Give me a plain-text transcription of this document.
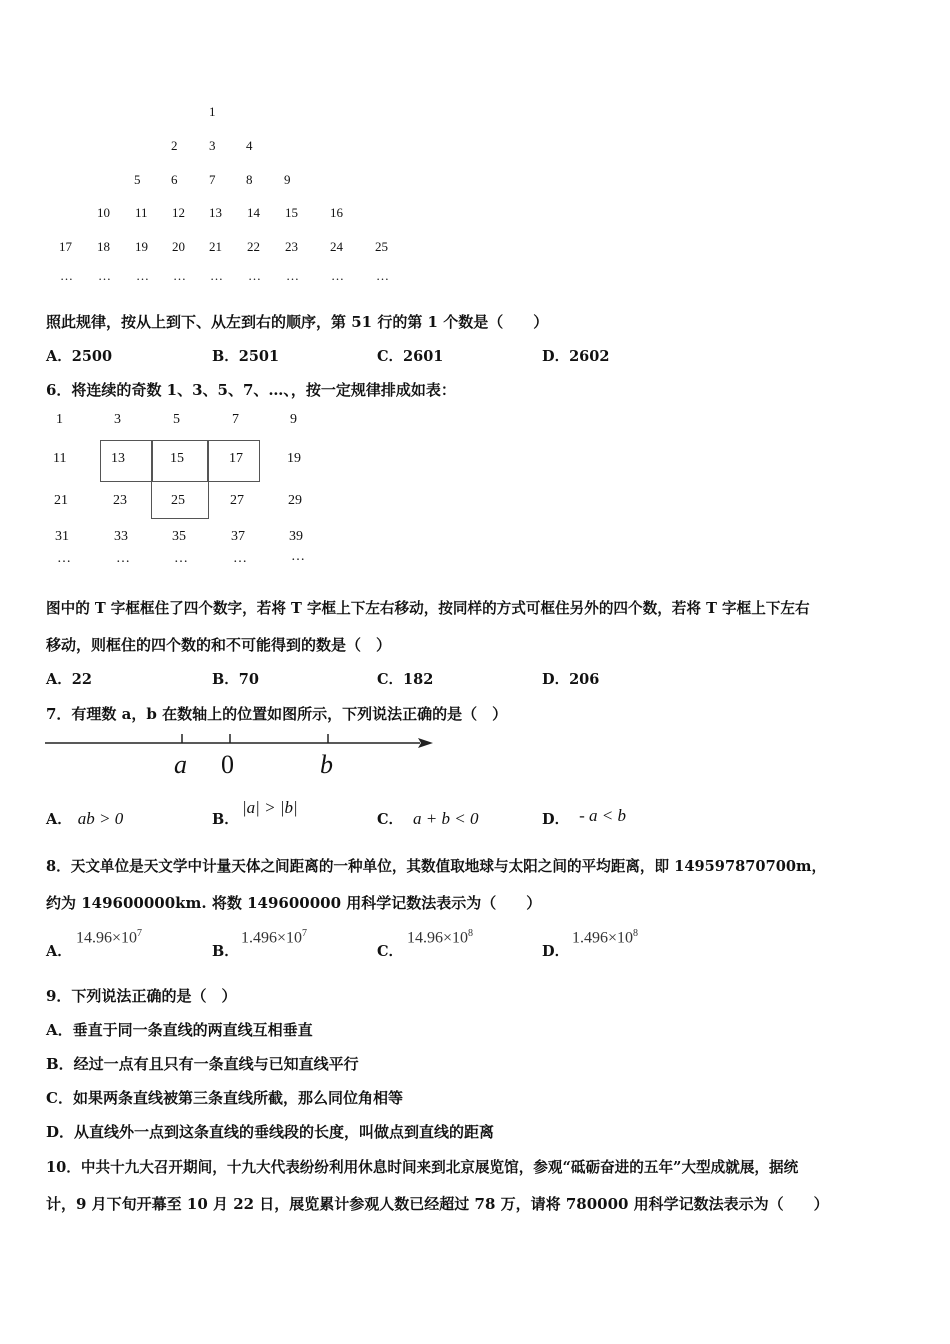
1
2 3 4
5 6 7 8 9
10 11 12 13 14 15 16
17 18 19 20 21 22 23 24 25
… … … … … … … … …
照此规律，按从上到下、从左到右的顺序，第 51 行的第 1 个数是（　　）
A．2500	B．2501	C．2601	D．2602
6．将连续的奇数 1、3、5、7、…、，按一定规律排成如表：
1	3	5	7	9
11	13	15	17	19
21	23	25	27	29
31	33	35	37	39
…	…	…	…	…
图中的 T 字框框住了四个数字，若将 T 字框上下左右移动，按同样的方式可框住另外的四个数，若将 T 字框上下左右
移动，则框住的四个数的和不可能得到的数是（　）
A．22	B．70	C．182	D．206
7．有理数 a，b 在数轴上的位置如图所示，下列说法正确的是（　）
a 0	b
A． ab > 0	B．
|a| > |b|
C． a + b < 0	D． - a < b
8．天文单位是天文学中计量天体之间距离的一种单位，其数值取地球与太阳之间的平均距离，即 149597870700m，
约为 149600000km. 将数 149600000 用科学记数法表示为（　　）
A．
$14.96\times 10^7$
B．
$1.496\times 10^7$
C．
$14.96\times 10^8$
D．
$1.496\times 10^8$
9．下列说法正确的是（　）
A．垂直于同一条直线的两直线互相垂直
B．经过一点有且只有一条直线与已知直线平行
C．如果两条直线被第三条直线所截，那么同位角相等
D．从直线外一点到这条直线的垂线段的长度，叫做点到直线的距离
10．中共十九大召开期间，十九大代表纷纷利用休息时间来到北京展览馆，参观“砥砺奋进的五年”大型成就展，据统
计，9 月下旬开幕至 10 月 22 日，展览累计参观人数已经超过 78 万，请将 780000 用科学记数法表示为（　　）
